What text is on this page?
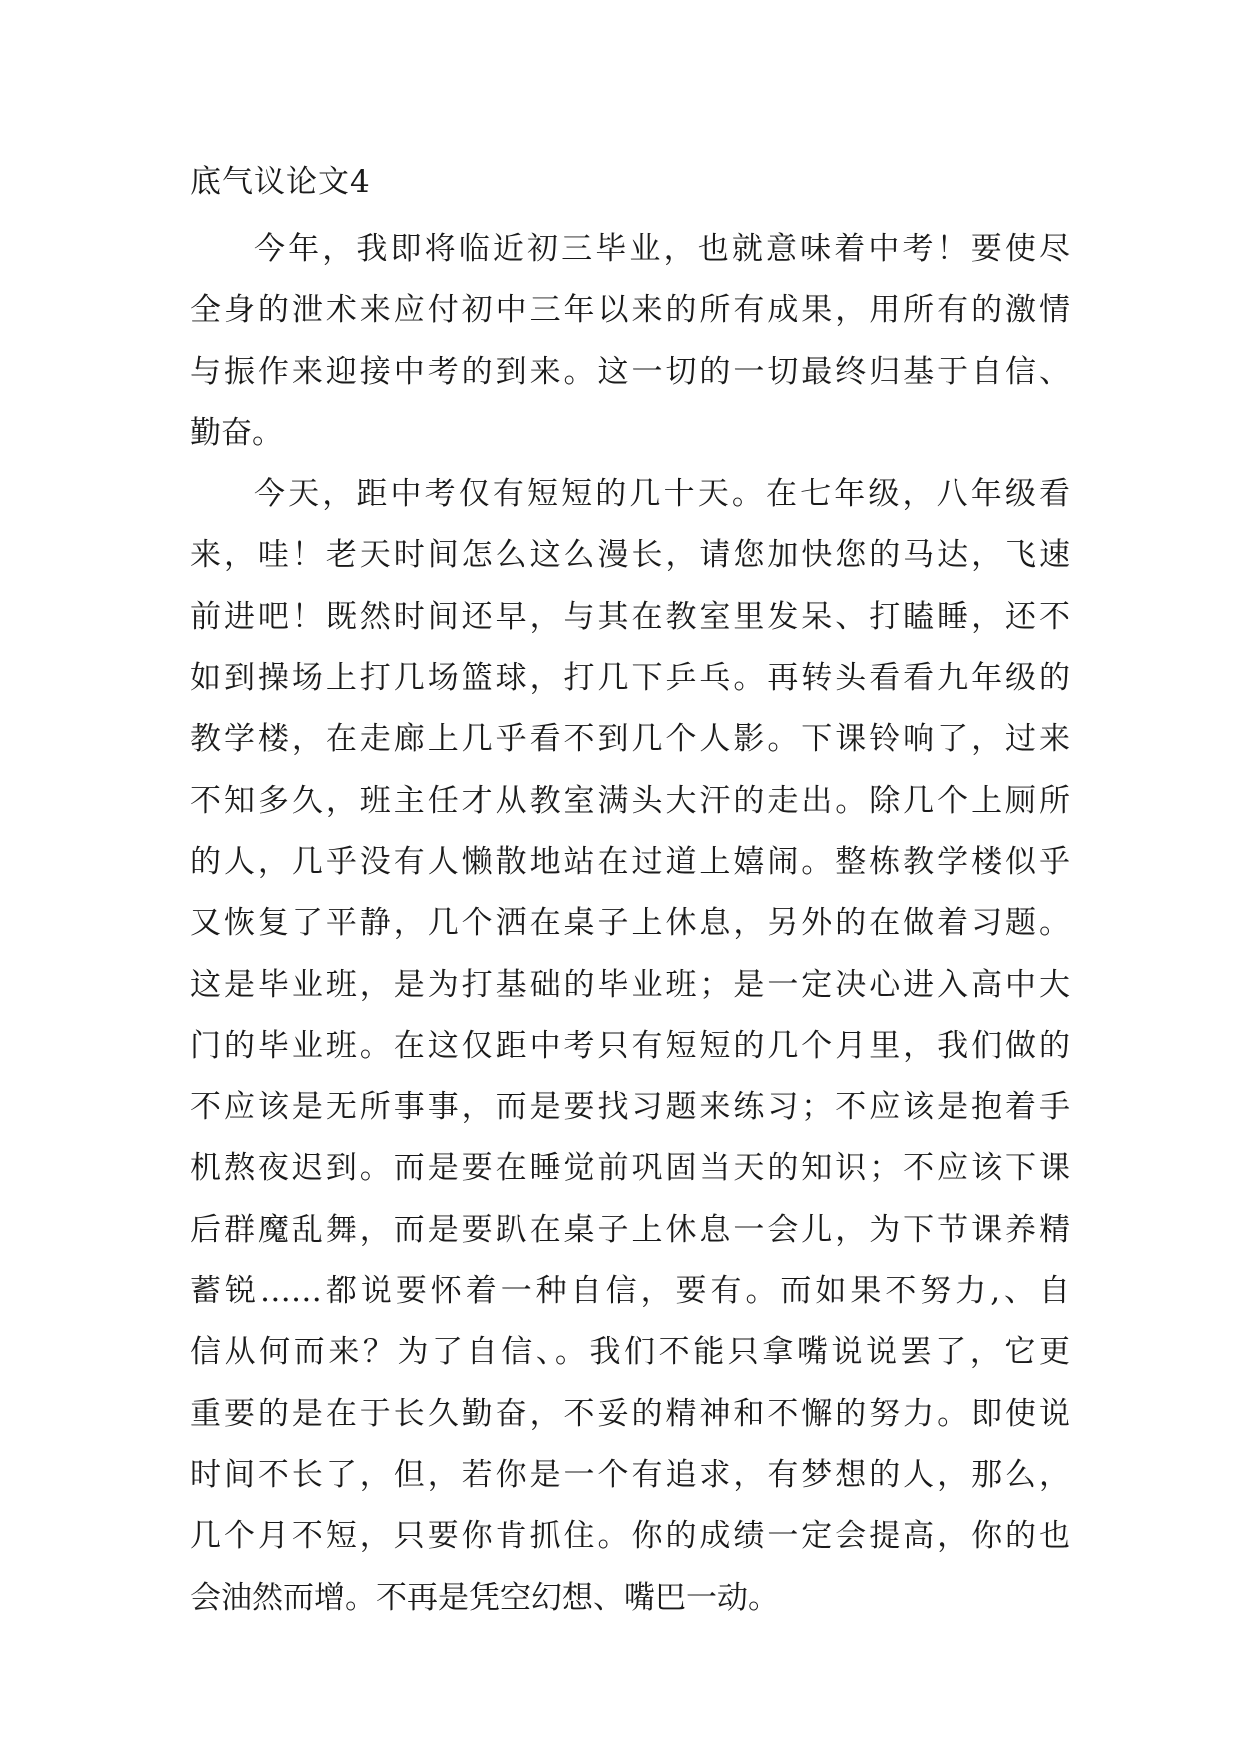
底气议论文4
今年，我即将临近初三毕业，也就意味着中考！要使尽
全身的泄术来应付初中三年以来的所有成果，用所有的激情
与振作来迎接中考的到来。这一切的一切最终归基于自信、
勤奋。
今天，距中考仅有短短的几十天。在七年级，八年级看
来，哇！老天时间怎么这么漫长，请您加快您的马达，飞速
前进吧！既然时间还早，与其在教室里发呆、打瞌睡，还不
如到操场上打几场篮球，打几下乒乓。再转头看看九年级的
教学楼，在走廊上几乎看不到几个人影。下课铃响了，过来
不知多久，班主任才从教室满头大汗的走出。除几个上厕所
的人，几乎没有人懒散地站在过道上嬉闹。整栋教学楼似乎
又恢复了平静，几个洒在桌子上休息，另外的在做着习题。
这是毕业班，是为打基础的毕业班；是一定决心进入高中大
门的毕业班。在这仅距中考只有短短的几个月里，我们做的
不应该是无所事事，而是要找习题来练习；不应该是抱着手
机熬夜迟到。而是要在睡觉前巩固当天的知识；不应该下课
后群魔乱舞，而是要趴在桌子上休息一会儿，为下节课养精
蓄锐……都说要怀着一种自信，要有。而如果不努力,、自
信从何而来？为了自信、。我们不能只拿嘴说说罢了，它更
重要的是在于长久勤奋，不妥的精神和不懈的努力。即使说
时间不长了，但，若你是一个有追求，有梦想的人，那么，
几个月不短，只要你肯抓住。你的成绩一定会提高，你的也
会油然而增。不再是凭空幻想、嘴巴一动。
